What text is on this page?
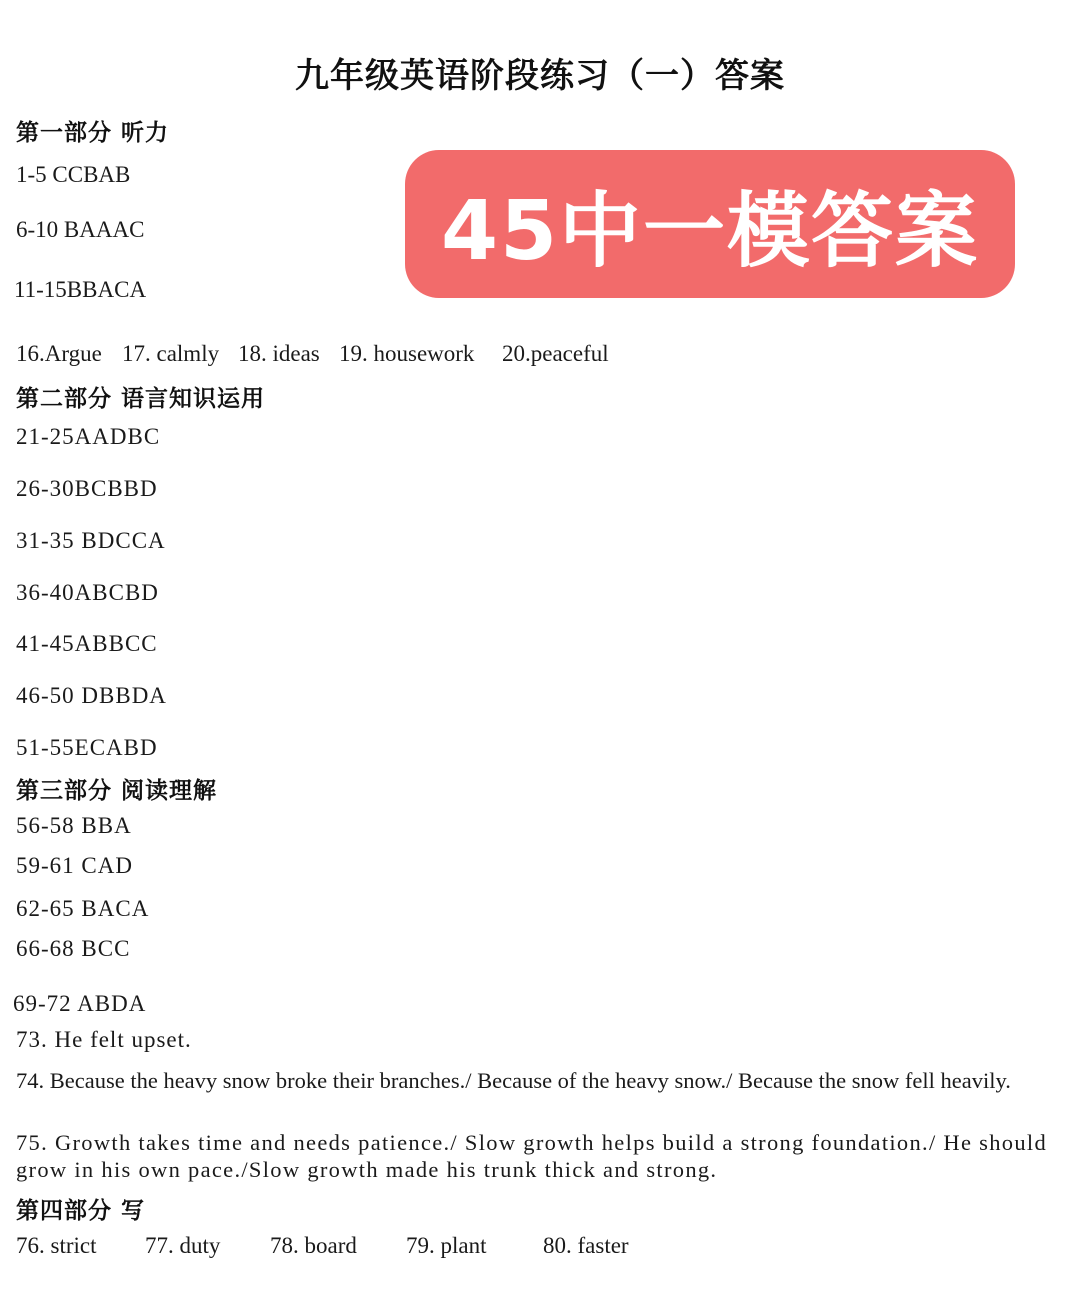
九年级英语阶段练习（一）答案
45中一模答案
第一部分 听力
1-5 CCBAB
6-10 BAAAC
11-15BBACA
16.Argue 17. calmly 18. ideas 19. housework 20.peaceful
第二部分 语言知识运用
21-25AADBC
26-30BCBBD
31-35 BDCCA
36-40ABCBD
41-45ABBCC
46-50 DBBDA
51-55ECABD
第三部分 阅读理解
56-58 BBA
59-61 CAD
62-65 BACA
66-68 BCC
69-72 ABDA
73. He felt upset.
74. Because the heavy snow broke their branches./ Because of the heavy snow./ Because the snow fell heavily.
75. Growth takes time and needs patience./ Slow growth helps build a strong foundation./ He should grow in his own pace./Slow growth made his trunk thick and strong.
第四部分 写
76. strict 77. duty 78. board 79. plant 80. faster
